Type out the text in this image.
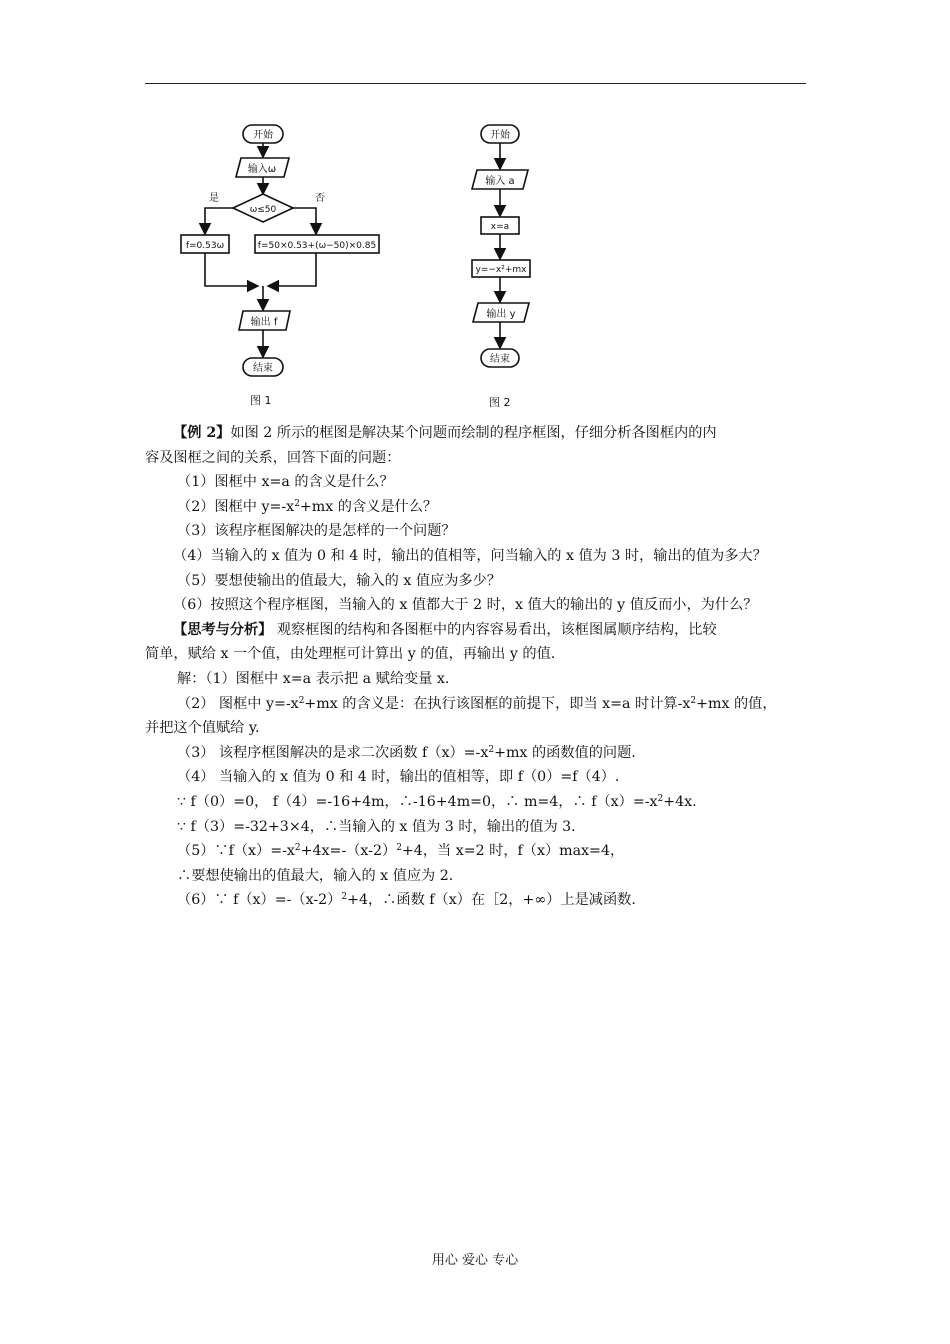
开始
输入ω
ω≤50
是	否
f=0.53ω	f=50×0.53+(ω−50)×0.85
输出 f
结束
开始
输入 a
x=a
y=−x²+mx
输出 y
结束
图 1	图 2
【例 2】如图 2 所示的框图是解决某个问题而绘制的程序框图，仔细分析各图框内的内
容及图框之间的关系，回答下面的问题：
（1）图框中 x=a 的含义是什么？
（2）图框中 $y=-x^2+mx$ 的含义是什么？
（3）该程序框图解决的是怎样的一个问题？
（4）当输入的 x 值为 0 和 4 时，输出的值相等，问当输入的 x 值为 3 时，输出的值为多大？
（5）要想使输出的值最大，输入的 x 值应为多少？
（6）按照这个程序框图，当输入的 x 值都大于 2 时，x 值大的输出的 y 值反而小，为什么？
【思考与分析】 观察框图的结构和各图框中的内容容易看出，该框图属顺序结构，比较
简单，赋给 x 一个值，由处理框可计算出 y 的值，再输出 y 的值.
解：（1）图框中 x=a 表示把 a 赋给变量 x.
（2） 图框中 $y=-x^2+mx$ 的含义是：在执行该图框的前提下，即当 x=a 时计算$-x^2+mx$ 的值，
并把这个值赋给 y.
（3） 该程序框图解决的是求二次函数 $f(x)=-x^2+mx$ 的函数值的问题.
（4） 当输入的 x 值为 0 和 4 时，输出的值相等，即 f（0）=f（4）.
∵ f（0）=0， f（4）=-16+4m，∴-16+4m=0，∴ m=4，∴ $f(x)=-x^2+4x$.
∵ f（3）=-32+3×4，∴当输入的 x 值为 3 时，输出的值为 3.
$(5)\because f(x)=-x^2+4x=-(x-2)^2+4$，当 x=2 时，f（x）max=4，
∴要想使输出的值最大，输入的 x 值应为 2.
（6）∵ $f(x)=-(x-2)^2+4$，∴函数 f（x）在［2，+∞）上是减函数.
用心 爱心 专心
